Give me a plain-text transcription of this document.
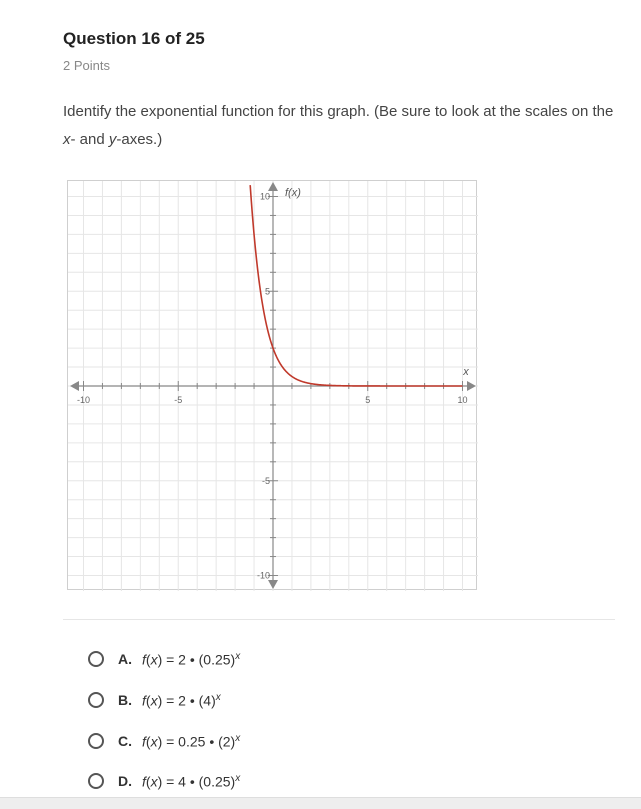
Question 16 of 25
2 Points
Identify the exponential function for this graph. (Be sure to look at the scales on the x- and y-axes.)
-10	-5	5	10
10
5
-5
-10
f(x)
x
A. f(x) = 2 • $(0.25)^x$
B. f(x) = 2 • $(4)^x$
C. f(x) = 0.25 • $(2)^x$
D. f(x) = 4 • $(0.25)^x$
